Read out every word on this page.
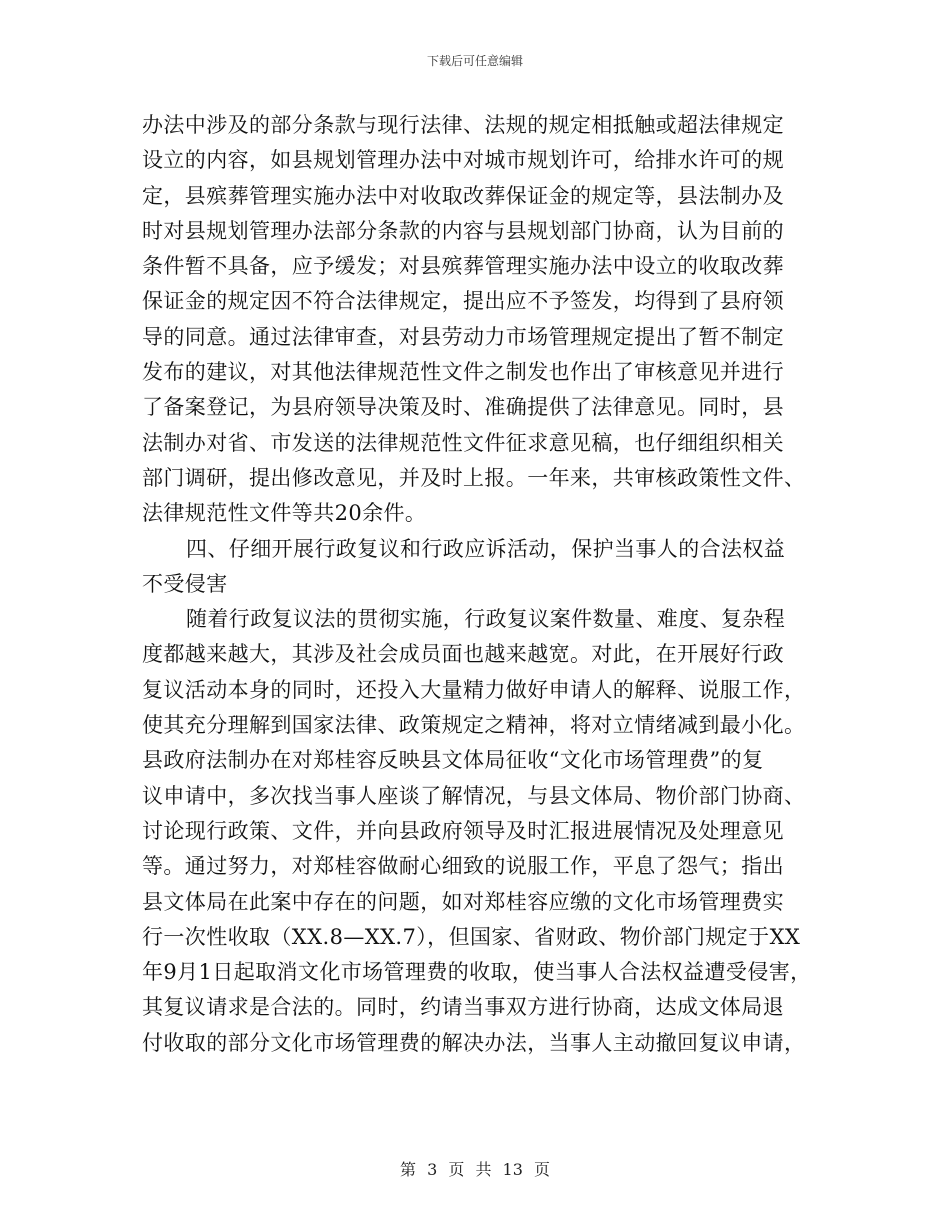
下载后可任意编辑
办法中涉及的部分条款与现行法律、法规的规定相抵触或超法律规定
设立的内容，如县规划管理办法中对城市规划许可，给排水许可的规
定，县殡葬管理实施办法中对收取改葬保证金的规定等，县法制办及
时对县规划管理办法部分条款的内容与县规划部门协商，认为目前的
条件暂不具备，应予缓发；对县殡葬管理实施办法中设立的收取改葬
保证金的规定因不符合法律规定，提出应不予签发，均得到了县府领
导的同意。通过法律审查，对县劳动力市场管理规定提出了暂不制定
发布的建议，对其他法律规范性文件之制发也作出了审核意见并进行
了备案登记，为县府领导决策及时、准确提供了法律意见。同时，县
法制办对省、市发送的法律规范性文件征求意见稿，也仔细组织相关
部门调研，提出修改意见，并及时上报。一年来，共审核政策性文件、
法律规范性文件等共20余件。
四、仔细开展行政复议和行政应诉活动，保护当事人的合法权益
不受侵害
随着行政复议法的贯彻实施，行政复议案件数量、难度、复杂程
度都越来越大，其涉及社会成员面也越来越宽。对此，在开展好行政
复议活动本身的同时，还投入大量精力做好申请人的解释、说服工作，
使其充分理解到国家法律、政策规定之精神，将对立情绪减到最小化。
县政府法制办在对郑桂容反映县文体局征收“文化市场管理费”的复
议申请中，多次找当事人座谈了解情况，与县文体局、物价部门协商、
讨论现行政策、文件，并向县政府领导及时汇报进展情况及处理意见
等。通过努力，对郑桂容做耐心细致的说服工作，平息了怨气；指出
县文体局在此案中存在的问题，如对郑桂容应缴的文化市场管理费实
行一次性收取（XX.8—XX.7），但国家、省财政、物价部门规定于XX
年9月1日起取消文化市场管理费的收取，使当事人合法权益遭受侵害，
其复议请求是合法的。同时，约请当事双方进行协商，达成文体局退
付收取的部分文化市场管理费的解决办法，当事人主动撤回复议申请，
第 3 页 共 13 页
